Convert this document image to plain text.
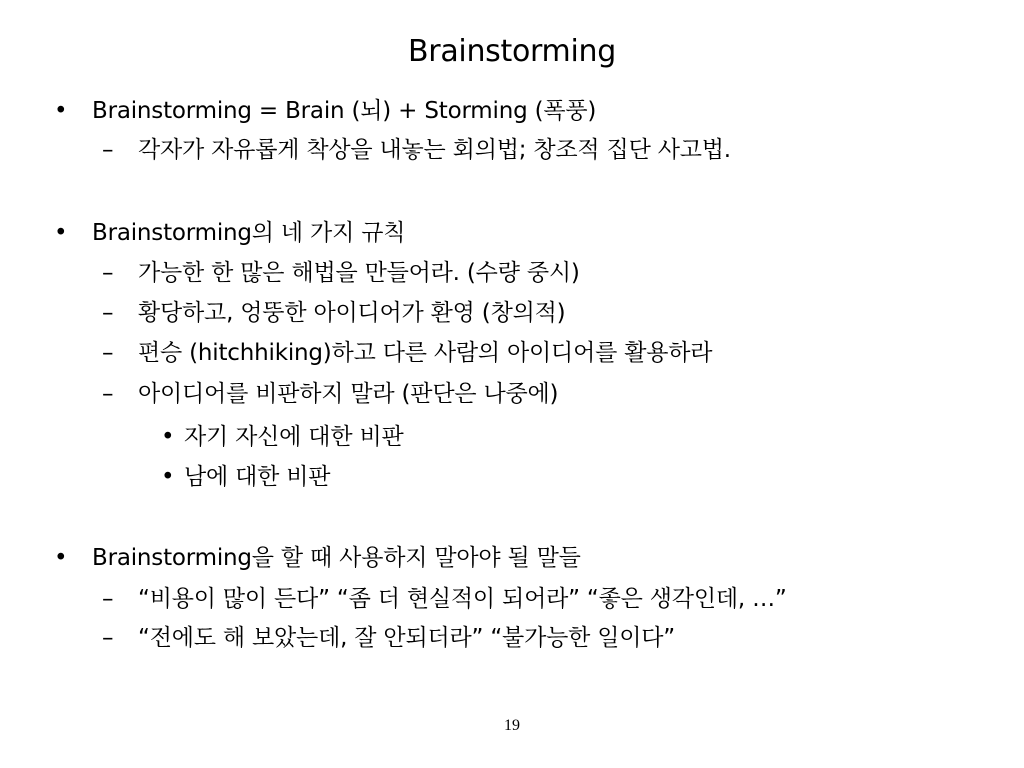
Brainstorming
• Brainstorming = Brain (뇌) + Storming (폭풍)
– 각자가 자유롭게 착상을 내놓는 회의법; 창조적 집단 사고법.
• Brainstorming의 네 가지 규칙
– 가능한 한 많은 해법을 만들어라. (수량 중시)
– 황당하고, 엉뚱한 아이디어가 환영 (창의적)
– 편승 (hitchhiking)하고 다른 사람의 아이디어를 활용하라
– 아이디어를 비판하지 말라 (판단은 나중에)
• 자기 자신에 대한 비판
• 남에 대한 비판
• Brainstorming을 할 때 사용하지 말아야 될 말들
– “비용이 많이 든다” “좀 더 현실적이 되어라” “좋은 생각인데, …”
– “전에도 해 보았는데, 잘 안되더라” “불가능한 일이다”
19
